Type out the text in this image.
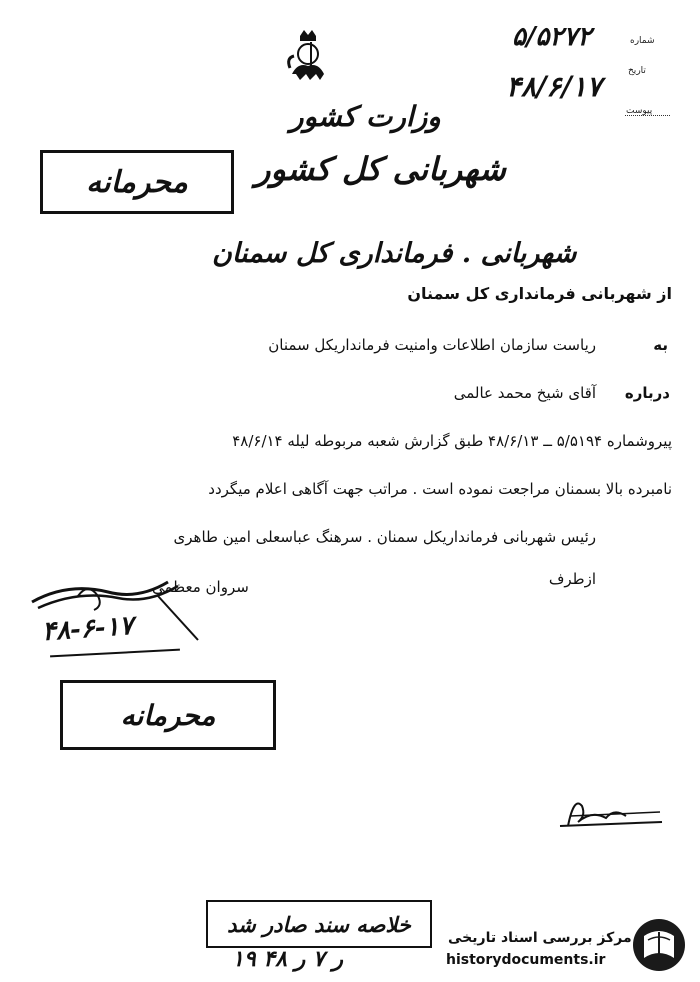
شماره
۵/۵۲۷۲
تاریخ
۴۸/۶/۱۷
پیوست
وزارت کشور
شهربانی کل کشور
شهربانی . فرمانداری کل سمنان
محرمانه
از شهربانی فرمانداری کل سمنان
به
ریاست سازمان اطلاعات وامنیت فرمانداریکل سمنان
درباره
آقای شیخ محمد عالمی
پیروشماره ۵/۵۱۹۴ ــ ۴۸/۶/۱۳ طبق گزارش شعبه مربوطه لیله ۴۸/۶/۱۴
نامبرده بالا بسمنان مراجعت نموده است . مراتب جهت آگاهی اعلام میگردد
رئیس شهربانی فرمانداریکل سمنان . سرهنگ عباسعلی امین طاهری
ازطرف
سروان معظمی
۴۸-۶-۱۷
محرمانه
خلاصه سند صادر شد
۱۹ ر ۷ ر ۴۸
مرکز بررسی اسناد تاریخی
historydocuments.ir
